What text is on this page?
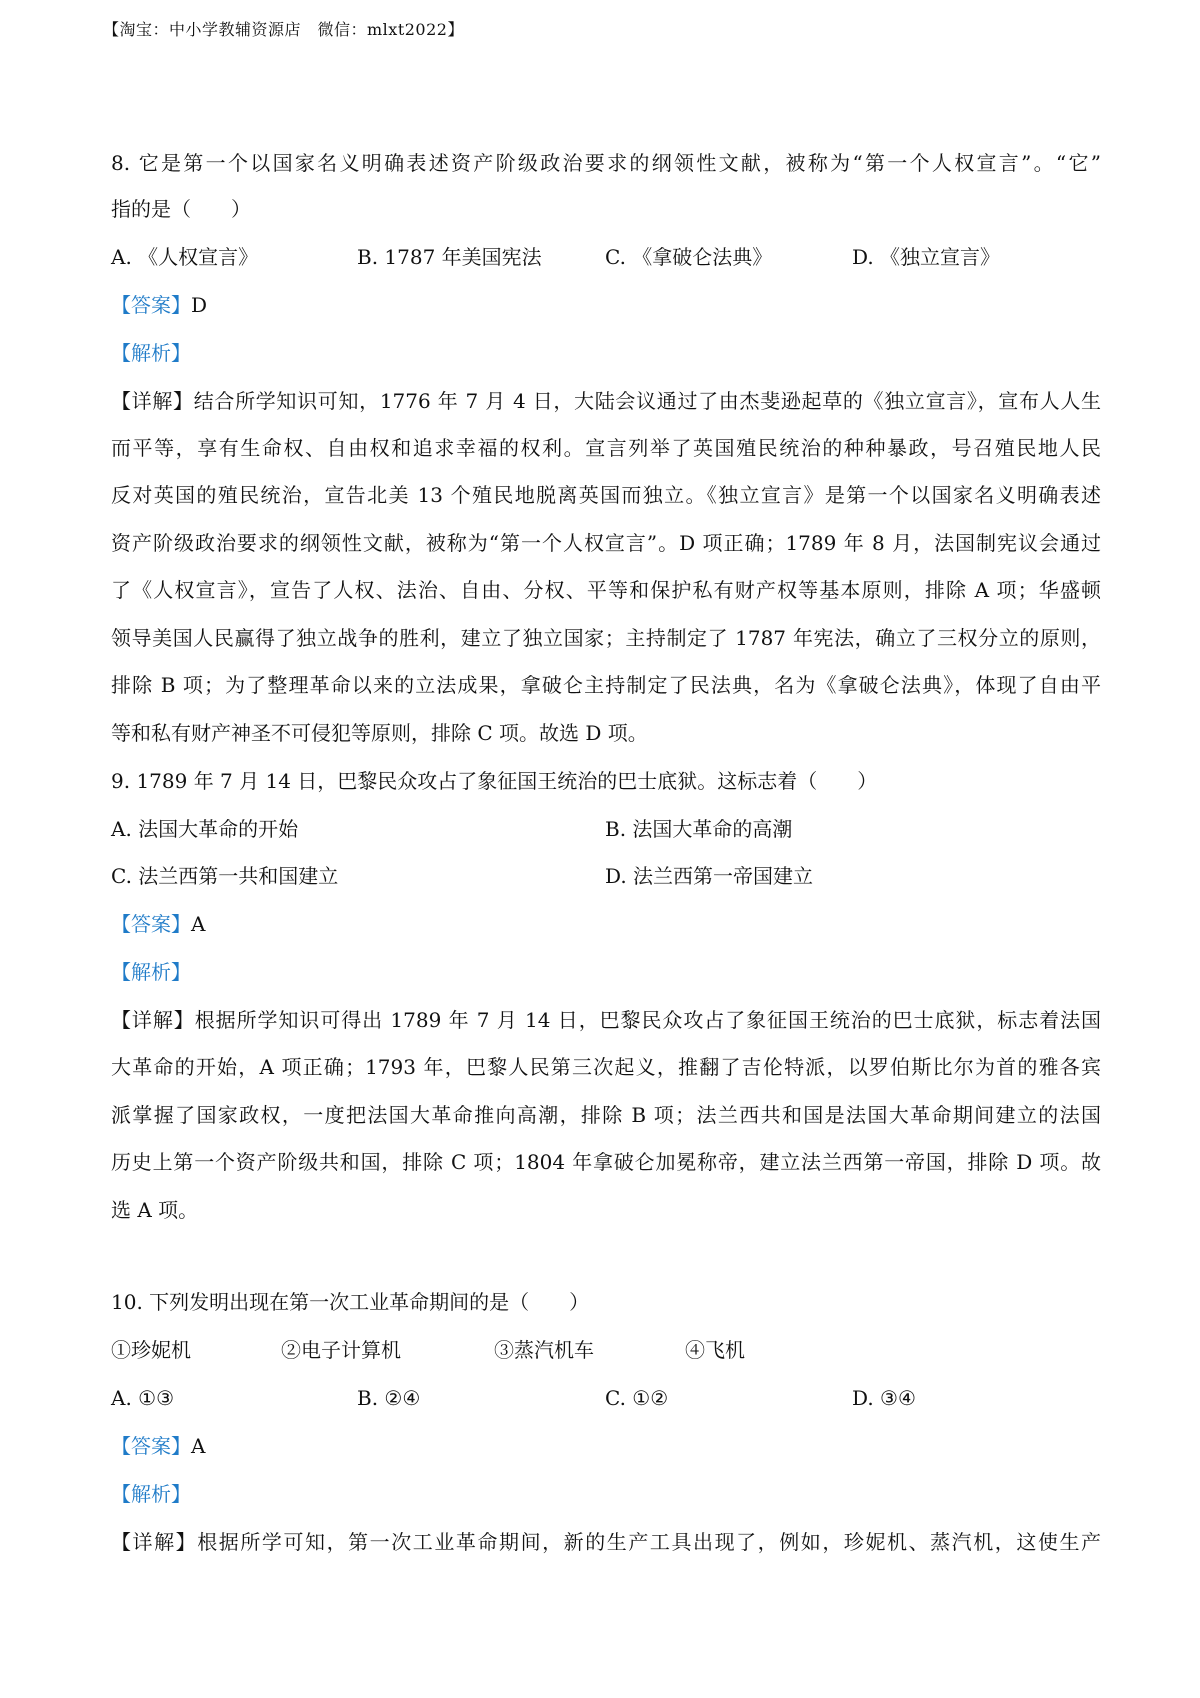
【淘宝：中小学教辅资源店　微信：mlxt2022】
8. 它是第一个以国家名义明确表述资产阶级政治要求的纲领性文献，被称为“第一个人权宣言”。“它”
指的是（　　）
A. 《人权宣言》	B. 1787 年美国宪法	C. 《拿破仑法典》	D. 《独立宣言》
【答案】D
【解析】
【详解】结合所学知识可知，1776 年 7 月 4 日，大陆会议通过了由杰斐逊起草的《独立宣言》，宣布人人生
而平等，享有生命权、自由权和追求幸福的权利。宣言列举了英国殖民统治的种种暴政，号召殖民地人民
反对英国的殖民统治，宣告北美 13 个殖民地脱离英国而独立。《独立宣言》是第一个以国家名义明确表述
资产阶级政治要求的纲领性文献，被称为“第一个人权宣言”。D 项正确；1789 年 8 月，法国制宪议会通过
了《人权宣言》，宣告了人权、法治、自由、分权、平等和保护私有财产权等基本原则，排除 A 项；华盛顿
领导美国人民赢得了独立战争的胜利，建立了独立国家；主持制定了 1787 年宪法，确立了三权分立的原则，
排除 B 项；为了整理革命以来的立法成果，拿破仑主持制定了民法典，名为《拿破仑法典》，体现了自由平
等和私有财产神圣不可侵犯等原则，排除 C 项。故选 D 项。
9. 1789 年 7 月 14 日，巴黎民众攻占了象征国王统治的巴士底狱。这标志着（　　）
A. 法国大革命的开始	B. 法国大革命的高潮
C. 法兰西第一共和国建立	D. 法兰西第一帝国建立
【答案】A
【解析】
【详解】根据所学知识可得出 1789 年 7 月 14 日，巴黎民众攻占了象征国王统治的巴士底狱，标志着法国
大革命的开始，A 项正确；1793 年，巴黎人民第三次起义，推翻了吉伦特派，以罗伯斯比尔为首的雅各宾
派掌握了国家政权，一度把法国大革命推向高潮，排除 B 项；法兰西共和国是法国大革命期间建立的法国
历史上第一个资产阶级共和国，排除 C 项；1804 年拿破仑加冕称帝，建立法兰西第一帝国，排除 D 项。故
选 A 项。
10. 下列发明出现在第一次工业革命期间的是（　　）
①珍妮机	②电子计算机	③蒸汽机车	④飞机
A. ①③	B. ②④	C. ①②	D. ③④
【答案】A
【解析】
【详解】根据所学可知，第一次工业革命期间，新的生产工具出现了，例如，珍妮机、蒸汽机，这使生产
